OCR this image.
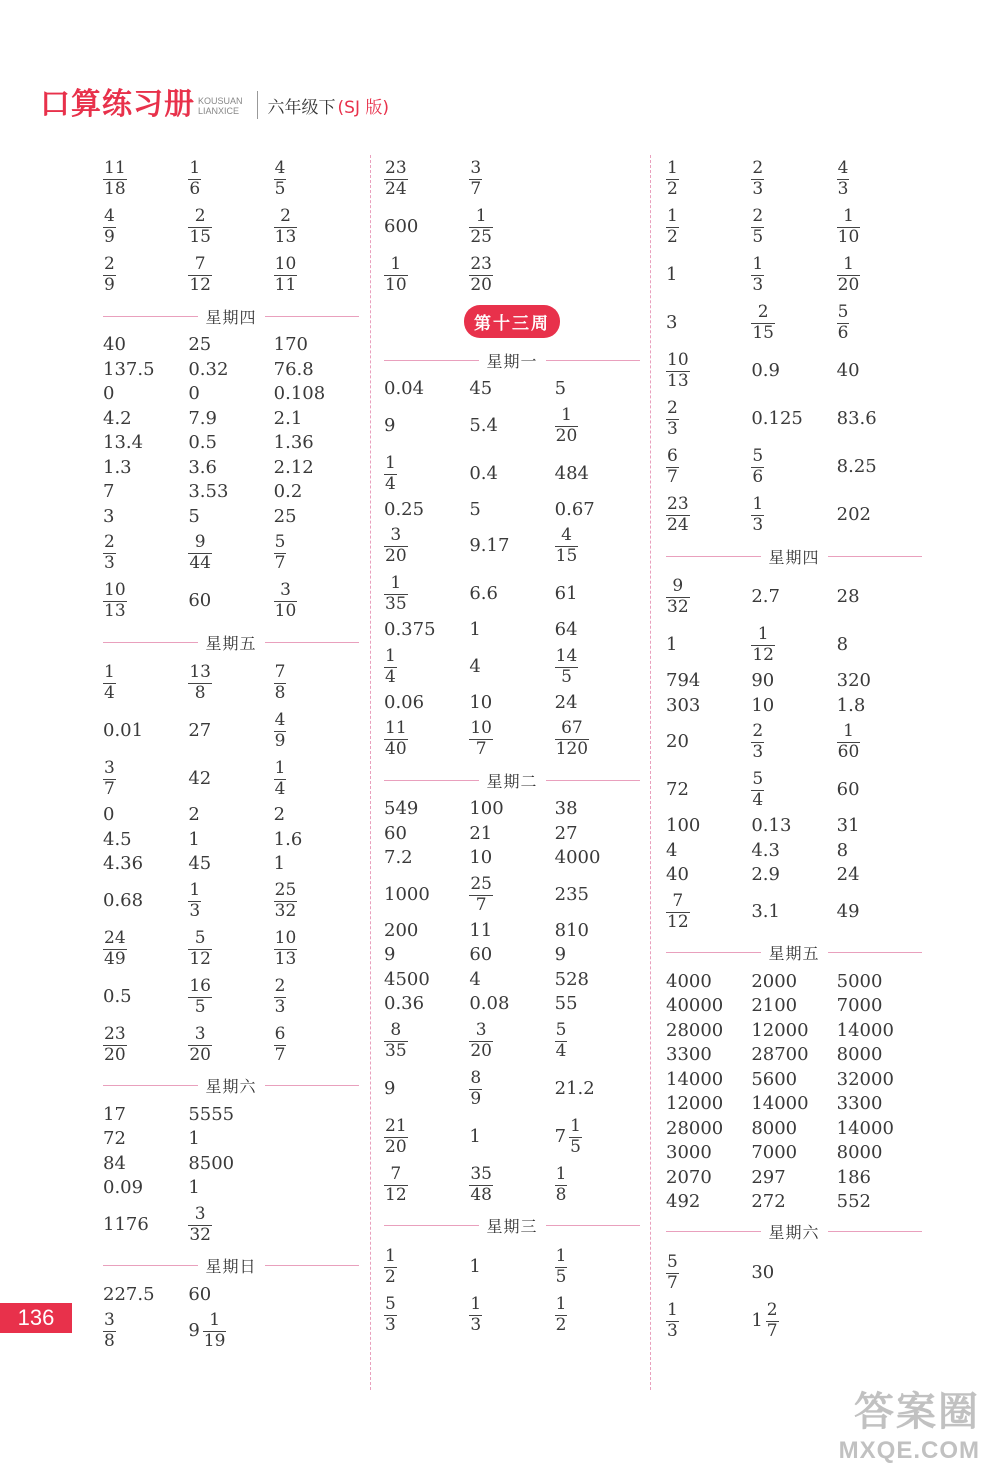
口算练习册 KOUSUAN
LIANXICE 六年级下 (SJ 版)
$\frac{11}{18}$	$\frac{1}{6}$	$\frac{4}{5}$
$\frac{4}{9}$	$\frac{2}{15}$	$\frac{2}{13}$
$\frac{2}{9}$	$\frac{7}{12}$	$\frac{10}{11}$
星期四
40	25	170
137.5	0.32	76.8
0	0	0.108
4.2	7.9	2.1
13.4	0.5	1.36
1.3	3.6	2.12
7	3.53	0.2
3	5	25
$\frac{2}{3}$	$\frac{9}{44}$	$\frac{5}{7}$
$\frac{10}{13}$	60	$\frac{3}{10}$
星期五
$\frac{1}{4}$	$\frac{13}{8}$	$\frac{7}{8}$
0.01	27	$\frac{4}{9}$
$\frac{3}{7}$	42	$\frac{1}{4}$
0	2	2
4.5	1	1.6
4.36	45	1
0.68	$\frac{1}{3}$	$\frac{25}{32}$
$\frac{24}{49}$	$\frac{5}{12}$	$\frac{10}{13}$
0.5	$\frac{16}{5}$	$\frac{2}{3}$
$\frac{23}{20}$	$\frac{3}{20}$	$\frac{6}{7}$
星期六
17	5555
72	1
84	8500
0.09	1
1176	$\frac{3}{32}$
星期日
227.5	60
$\frac{3}{8}$	$9 \frac{1}{19}$
$\frac{23}{24}$	$\frac{3}{7}$
600	$\frac{1}{25}$
$\frac{1}{10}$	$\frac{23}{20}$
第十三周
星期一
0.04	45	5
9	5.4	$\frac{1}{20}$
$\frac{1}{4}$	0.4	484
0.25	5	0.67
$\frac{3}{20}$	9.17	$\frac{4}{15}$
$\frac{1}{35}$	6.6	61
0.375	1	64
$\frac{1}{4}$	4	$\frac{14}{5}$
0.06	10	24
$\frac{11}{40}$	$\frac{10}{7}$	$\frac{67}{120}$
星期二
549	100	38
60	21	27
7.2	10	4000
1000	$\frac{25}{7}$	235
200	11	810
9	60	9
4500	4	528
0.36	0.08	55
$\frac{8}{35}$	$\frac{3}{20}$	$\frac{5}{4}$
9	$\frac{8}{9}$	21.2
$\frac{21}{20}$	1	$7 \frac{1}{5}$
$\frac{7}{12}$	$\frac{35}{48}$	$\frac{1}{8}$
星期三
$\frac{1}{2}$	1	$\frac{1}{5}$
$\frac{5}{3}$	$\frac{1}{3}$	$\frac{1}{2}$
$\frac{1}{2}$	$\frac{2}{3}$	$\frac{4}{3}$
$\frac{1}{2}$	$\frac{2}{5}$	$\frac{1}{10}$
1	$\frac{1}{3}$	$\frac{1}{20}$
3	$\frac{2}{15}$	$\frac{5}{6}$
$\frac{10}{13}$	0.9	40
$\frac{2}{3}$	0.125	83.6
$\frac{6}{7}$	$\frac{5}{6}$	8.25
$\frac{23}{24}$	$\frac{1}{3}$	202
星期四
$\frac{9}{32}$	2.7	28
1	$\frac{1}{12}$	8
794	90	320
303	10	1.8
20	$\frac{2}{3}$	$\frac{1}{60}$
72	$\frac{5}{4}$	60
100	0.13	31
4	4.3	8
40	2.9	24
$\frac{7}{12}$	3.1	49
星期五
4000	2000	5000
40000	2100	7000
28000	12000	14000
3300	28700	8000
14000	5600	32000
12000	14000	3300
28000	8000	14000
3000	7000	8000
2070	297	186
492	272	552
星期六
$\frac{5}{7}$	30
$\frac{1}{3}$	$1 \frac{2}{7}$
136
答案圈
MXQE.COM
